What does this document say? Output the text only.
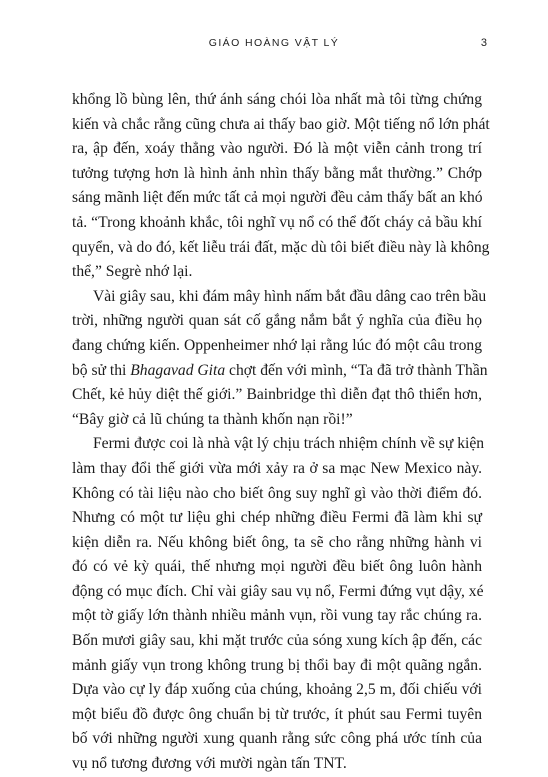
GIÁO HOÀNG VẬT LÝ	3

khổng lồ bùng lên, thứ ánh sáng chói lòa nhất mà tôi từng chứng
kiến và chắc rằng cũng chưa ai thấy bao giờ. Một tiếng nổ lớn phát
ra, ập đến, xoáy thẳng vào người. Đó là một viễn cảnh trong trí
tưởng tượng hơn là hình ảnh nhìn thấy bằng mắt thường.” Chớp
sáng mãnh liệt đến mức tất cả mọi người đều cảm thấy bất an khó
tả. “Trong khoảnh khắc, tôi nghĩ vụ nổ có thể đốt cháy cả bầu khí
quyển, và do đó, kết liễu trái đất, mặc dù tôi biết điều này là không
thể,” Segrè nhớ lại.

Vài giây sau, khi đám mây hình nấm bắt đầu dâng cao trên bầu
trời, những người quan sát cố gắng nắm bắt ý nghĩa của điều họ
đang chứng kiến. Oppenheimer nhớ lại rằng lúc đó một câu trong
bộ sử thi Bhagavad Gita chợt đến với mình, “Ta đã trở thành Thần
Chết, kẻ hủy diệt thế giới.” Bainbridge thì diễn đạt thô thiển hơn,
“Bây giờ cả lũ chúng ta thành khốn nạn rồi!”

Fermi được coi là nhà vật lý chịu trách nhiệm chính về sự kiện
làm thay đổi thế giới vừa mới xảy ra ở sa mạc New Mexico này.
Không có tài liệu nào cho biết ông suy nghĩ gì vào thời điểm đó.
Nhưng có một tư liệu ghi chép những điều Fermi đã làm khi sự
kiện diễn ra. Nếu không biết ông, ta sẽ cho rằng những hành vi
đó có vẻ kỳ quái, thế nhưng mọi người đều biết ông luôn hành
động có mục đích. Chỉ vài giây sau vụ nổ, Fermi đứng vụt dậy, xé
một tờ giấy lớn thành nhiều mảnh vụn, rồi vung tay rắc chúng ra.
Bốn mươi giây sau, khi mặt trước của sóng xung kích ập đến, các
mảnh giấy vụn trong không trung bị thổi bay đi một quãng ngắn.
Dựa vào cự ly đáp xuống của chúng, khoảng 2,5 m, đối chiếu với
một biểu đồ được ông chuẩn bị từ trước, ít phút sau Fermi tuyên
bố với những người xung quanh rằng sức công phá ước tính của
vụ nổ tương đương với mười ngàn tấn TNT.
